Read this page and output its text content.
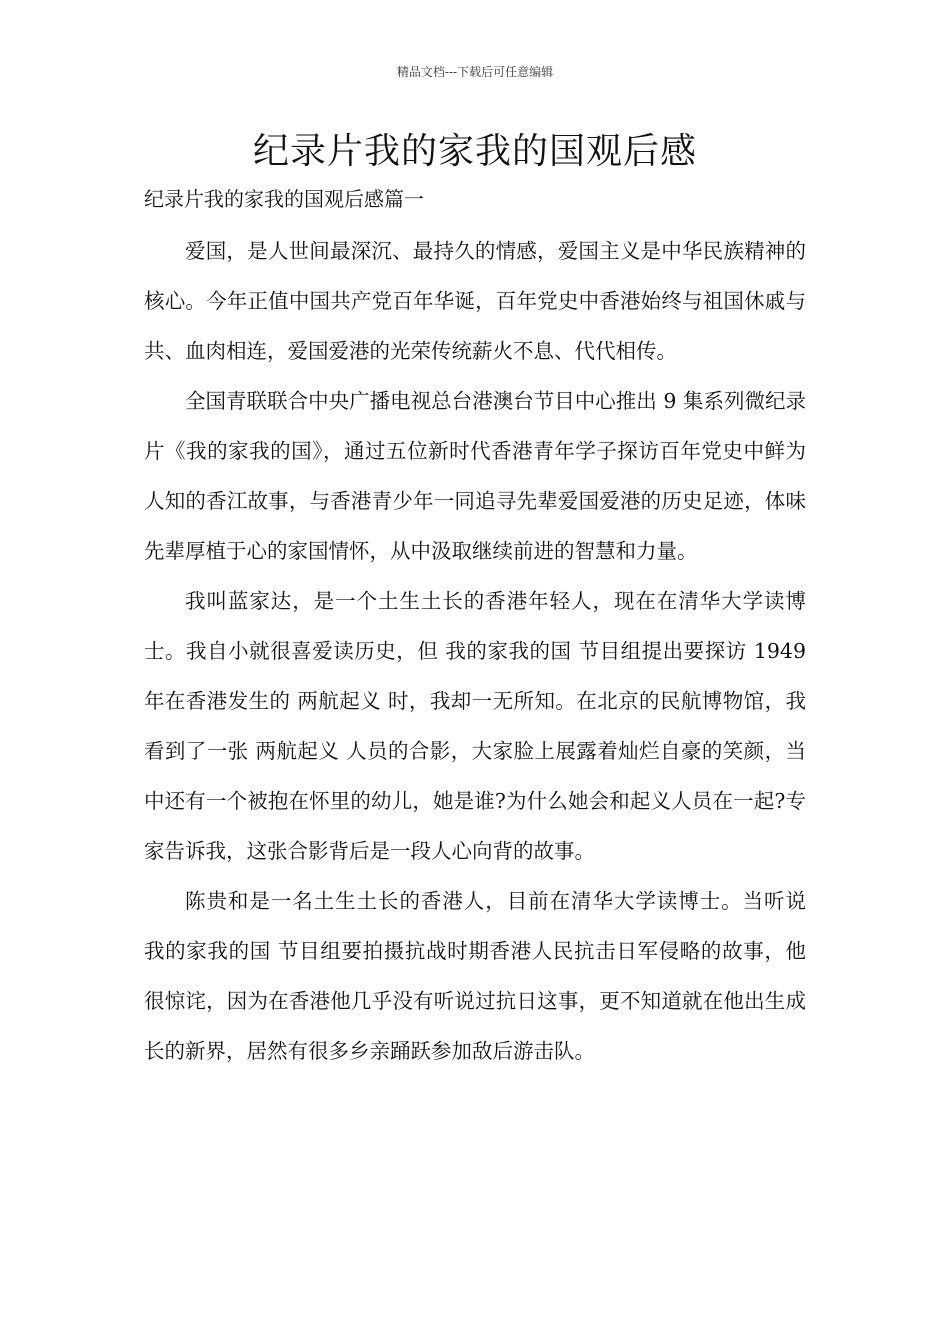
精品文档---下载后可任意编辑
纪录片我的家我的国观后感
纪录片我的家我的国观后感篇一

爱国，是人世间最深沉、最持久的情感，爱国主义是中华民族精神的核心。今年正值中国共产党百年华诞，百年党史中香港始终与祖国休戚与共、血肉相连，爱国爱港的光荣传统薪火不息、代代相传。

全国青联联合中央广播电视总台港澳台节目中心推出 9 集系列微纪录片《我的家我的国》，通过五位新时代香港青年学子探访百年党史中鲜为人知的香江故事，与香港青少年一同追寻先辈爱国爱港的历史足迹，体味先辈厚植于心的家国情怀，从中汲取继续前进的智慧和力量。

我叫蓝家达，是一个土生土长的香港年轻人，现在在清华大学读博士。我自小就很喜爱读历史，但 我的家我的国 节目组提出要探访 1949 年在香港发生的 两航起义 时，我却一无所知。在北京的民航博物馆，我看到了一张 两航起义 人员的合影，大家脸上展露着灿烂自豪的笑颜，当中还有一个被抱在怀里的幼儿，她是谁?为什么她会和起义人员在一起?专家告诉我，这张合影背后是一段人心向背的故事。

陈贵和是一名土生土长的香港人，目前在清华大学读博士。当听说 我的家我的国 节目组要拍摄抗战时期香港人民抗击日军侵略的故事，他很惊诧，因为在香港他几乎没有听说过抗日这事，更不知道就在他出生成长的新界，居然有很多乡亲踊跃参加敌后游击队。
